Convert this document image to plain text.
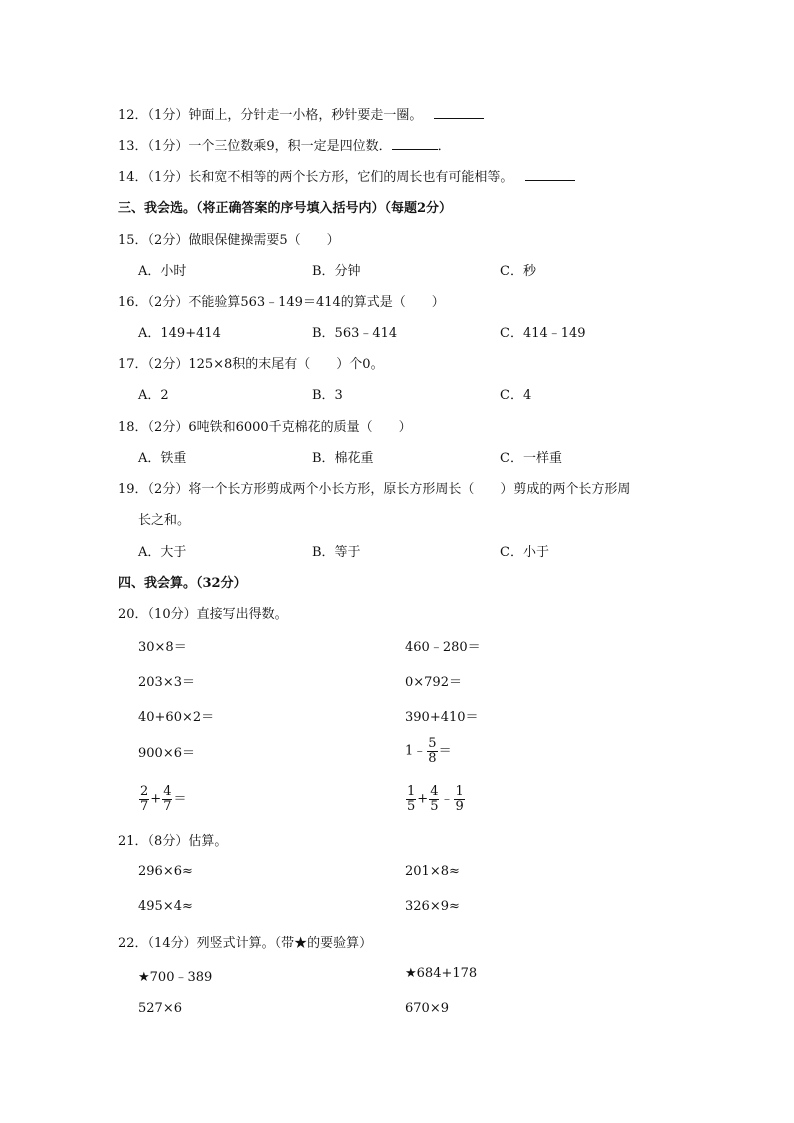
12．（1分）钟面上，分针走一小格，秒针要走一圈。
13．（1分）一个三位数乘9，积一定是四位数．	．
14．（1分）长和宽不相等的两个长方形，它们的周长也有可能相等。
三、我会选。（将正确答案的序号填入括号内）（每题2分）
15．（2分）做眼保健操需要5（　　）
A．小时	B．分钟	C．秒
16．（2分）不能验算563﹣149＝414的算式是（　　）
A．149+414	B．563﹣414	C．414﹣149
17．（2分）125×8积的末尾有（　　）个0。
A．2	B．3	C．4
18．（2分）6吨铁和6000千克棉花的质量（　　）
A．铁重	B．棉花重	C．一样重
19．（2分）将一个长方形剪成两个小长方形，原长方形周长（　　）剪成的两个长方形周
长之和。
A．大于	B．等于	C．小于
四、我会算。（32分）
20．（10分）直接写出得数。
30×8＝	460﹣280＝
203×3＝	0×792＝
40+60×2＝	390+410＝
900×6＝	1﹣ $\frac{5}{8}$ ＝
$\frac{2}{7} + \frac{4}{7}$ ＝	$\frac{1}{5} + \frac{4}{5}$ ﹣ $\frac{1}{9}$
21．（8分）估算。
296×6≈	201×8≈
495×4≈	326×9≈
22．（14分）列竖式计算。（带★的要验算）
★700﹣389	★684+178
527×6	670×9
